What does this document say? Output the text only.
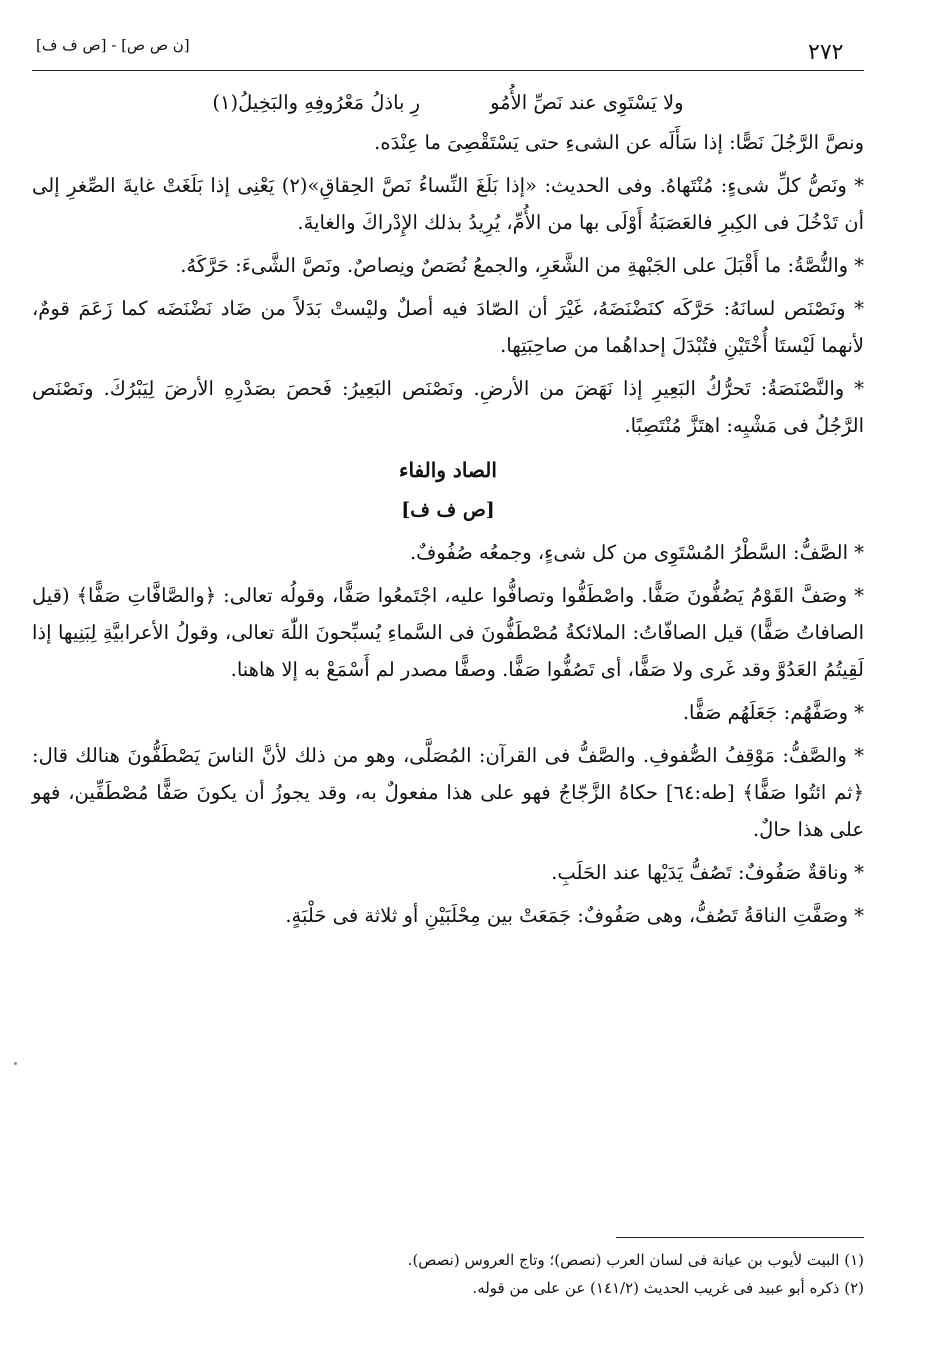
٢٧٢
[ن ص ص] - [ص ف ف]
ولا يَسْتَوِى عند نَصِّ الأُمُو
رِ باذلُ مَعْرُوفِهِ والبَخِيلُ(١)

ونصَّ الرَّجُلَ نَصًّا: إذا سَأَلَه عن الشىءِ حتى يَسْتَقْصِىَ ما عِنْدَه.

* ونَصُّ كلِّ شىءٍ: مُنْتَهاهُ. وفى الحديث: «إذا بَلَغَ النِّساءُ نَصَّ الحِقاقِ»(٢) يَعْنِى إذا بَلَغَتْ غايةَ الصِّغرِ إلى أن تَدْخُلَ فى الكِبرِ فالعَصَبَةُ أَوْلَى بها من الأُمِّ، يُرِيدُ بذلك الإِدْراكَ والغايةَ.

* والنُّصَّةُ: ما أَقْبَلَ على الجَبْهةِ من الشَّعَرِ، والجمعُ نُصَصٌ ونِصاصٌ. ونَصَّ الشَّىءَ: حَرَّكَهُ.

* ونَصْنَص لسانَهُ: حَرَّكَه كنَضْنَضَهُ، غَيْرَ أن الصّادَ فيه أصلٌ وليْستْ بَدَلاً من ضَاد نَضْنَضَه كما زَعَمَ قومٌ، لأنهما لَيْستَا أُخْتَيْنِ فتُبْدَلَ إحداهُما من صاحِبَتِها.

* والنَّصْنَصَةُ: تَحرُّكُ البَعِيرِ إذا نَهَضَ من الأرضِ. ونَصْنَص البَعِيرُ: فَحصَ بصَدْرِهِ الأرضَ لِيَبْرُكَ. ونَصْنَص الرَّجُلُ فى مَشْيِه: اهتَزَّ مُنْتَصِبًا.

الصاد والفاء
[ص ف ف]

* الصَّفُّ: السَّطْرُ المُسْتَوِى من كل شىءٍ، وجمعُه صُفُوفٌ.

* وصَفَّ القَوْمُ يَصُفُّونَ صَفًّا. واصْطَفُّوا وتصافُّوا عليه، اجْتَمعُوا صَفًّا، وقولُه تعالى: ﴿والصَّافَّاتِ صَفًّا﴾ (قيل الصافاتُ صَفًّا) قيل الصافّاتُ: الملائكةُ مُصْطَفُّونَ فى السَّماءِ يُسبِّحونَ اللّٰهَ تعالى، وقولُ الأعرابيَّةِ لِبَنِيها إذا لَقِيتُمُ العَدُوَّ وقد غَرى ولا صَفًّا، أى تَصُفُّوا صَفًّا. وصفًّا مصدر لم أَسْمَعْ به إلا هاهنا.

* وصَفَّهُم: جَعَلَهُم صَفًّا.

* والصَّفُّ: مَوْقِفُ الصُّفوفِ. والصَّفُّ فى القرآن: المُصَلَّى، وهو من ذلك لأنَّ الناسَ يَصْطَفُّونَ هنالك قال: ﴿ثم ائتُوا صَفًّا﴾ [طه:٦٤] حكاهُ الزَّجّاجُ فهو على هذا مفعولٌ به، وقد يجوزُ أن يكونَ صَفًّا مُصْطَفِّين، فهو على هذا حالٌ.

* وناقةٌ صَفُوفٌ: تَصُفُّ يَدَيْها عند الحَلَبِ.

* وصَفَّتِ الناقةُ تَصُفُّ، وهى صَفُوفٌ: جَمَعَتْ بين مِحْلَبَيْنِ أو ثلاثة فى حَلْبَةٍ.

(١) البيت لأيوب بن عيانة فى لسان العرب (نصص)؛ وتاج العروس (نصص).
(٢) ذكره أبو عبيد فى غريب الحديث (١٤١/٢) عن على من قوله.
